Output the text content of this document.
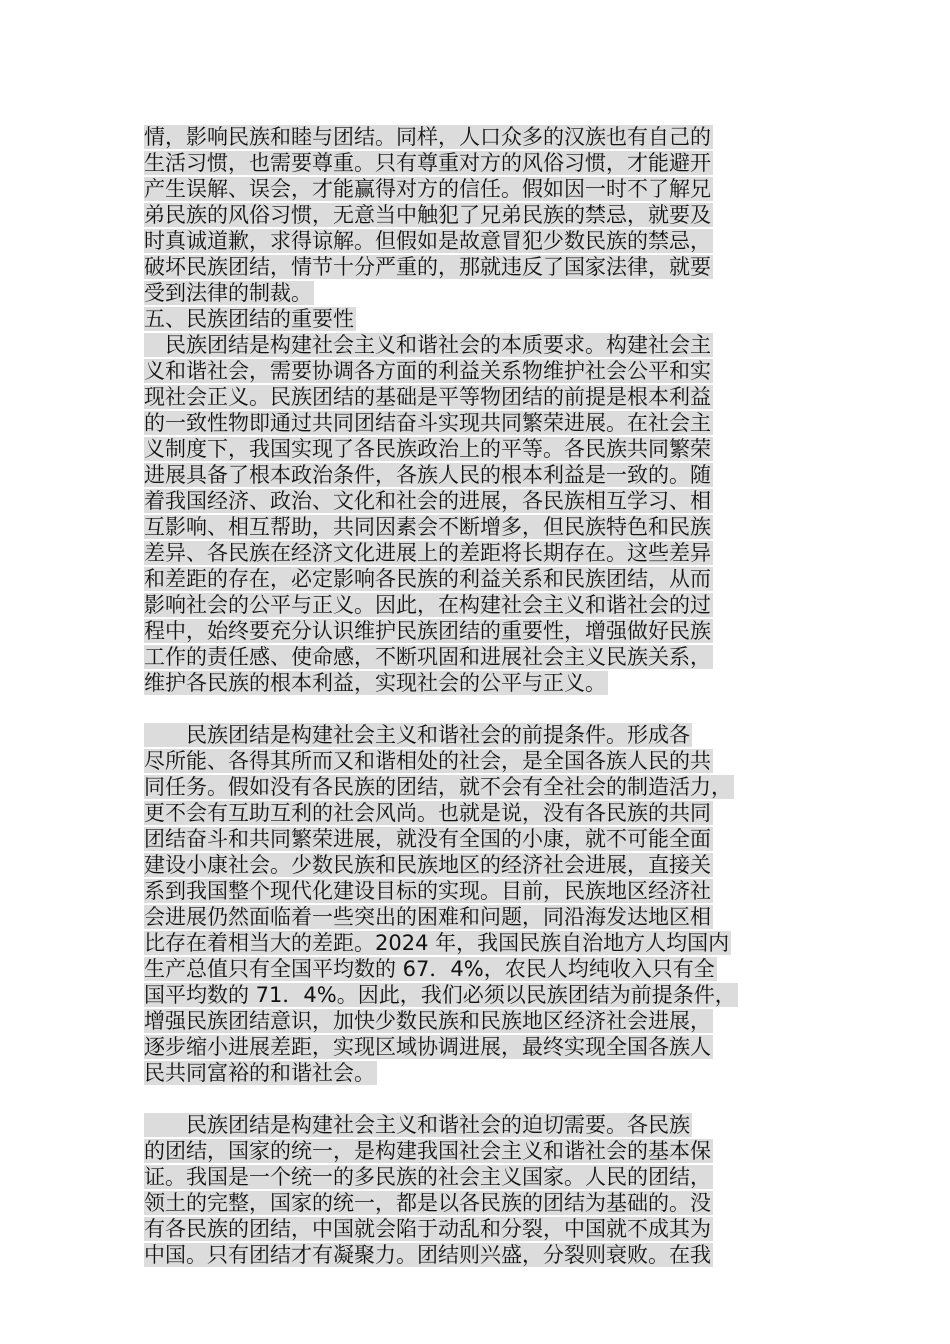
情，影响民族和睦与团结。同样，人口众多的汉族也有自己的
生活习惯，也需要尊重。只有尊重对方的风俗习惯，才能避开
产生误解、误会，才能赢得对方的信任。假如因一时不了解兄
弟民族的风俗习惯，无意当中触犯了兄弟民族的禁忌，就要及
时真诚道歉，求得谅解。但假如是故意冒犯少数民族的禁忌，
破坏民族团结，情节十分严重的，那就违反了国家法律，就要
受到法律的制裁。
五、民族团结的重要性
　民族团结是构建社会主义和谐社会的本质要求。构建社会主
义和谐社会，需要协调各方面的利益关系物维护社会公平和实
现社会正义。民族团结的基础是平等物团结的前提是根本利益
的一致性物即通过共同团结奋斗实现共同繁荣进展。在社会主
义制度下，我国实现了各民族政治上的平等。各民族共同繁荣
进展具备了根本政治条件，各族人民的根本利益是一致的。随
着我国经济、政治、文化和社会的进展，各民族相互学习、相
互影响、相互帮助，共同因素会不断增多，但民族特色和民族
差异、各民族在经济文化进展上的差距将长期存在。这些差异
和差距的存在，必定影响各民族的利益关系和民族团结，从而
影响社会的公平与正义。因此，在构建社会主义和谐社会的过
程中，始终要充分认识维护民族团结的重要性，增强做好民族
工作的责任感、使命感，不断巩固和进展社会主义民族关系，
维护各民族的根本利益，实现社会的公平与正义。
　　民族团结是构建社会主义和谐社会的前提条件。形成各
尽所能、各得其所而又和谐相处的社会，是全国各族人民的共
同任务。假如没有各民族的团结，就不会有全社会的制造活力，
更不会有互助互利的社会风尚。也就是说，没有各民族的共同
团结奋斗和共同繁荣进展，就没有全国的小康，就不可能全面
建设小康社会。少数民族和民族地区的经济社会进展，直接关
系到我国整个现代化建设目标的实现。目前，民族地区经济社
会进展仍然面临着一些突出的困难和问题，同沿海发达地区相
比存在着相当大的差距。2024 年，我国民族自治地方人均国内
生产总值只有全国平均数的 67．4%，农民人均纯收入只有全
国平均数的 71．4%。因此，我们必须以民族团结为前提条件，
增强民族团结意识，加快少数民族和民族地区经济社会进展，
逐步缩小进展差距，实现区域协调进展，最终实现全国各族人
民共同富裕的和谐社会。
　　民族团结是构建社会主义和谐社会的迫切需要。各民族
的团结，国家的统一，是构建我国社会主义和谐社会的基本保
证。我国是一个统一的多民族的社会主义国家。人民的团结，
领土的完整，国家的统一，都是以各民族的团结为基础的。没
有各民族的团结，中国就会陷于动乱和分裂，中国就不成其为
中国。只有团结才有凝聚力。团结则兴盛，分裂则衰败。在我
